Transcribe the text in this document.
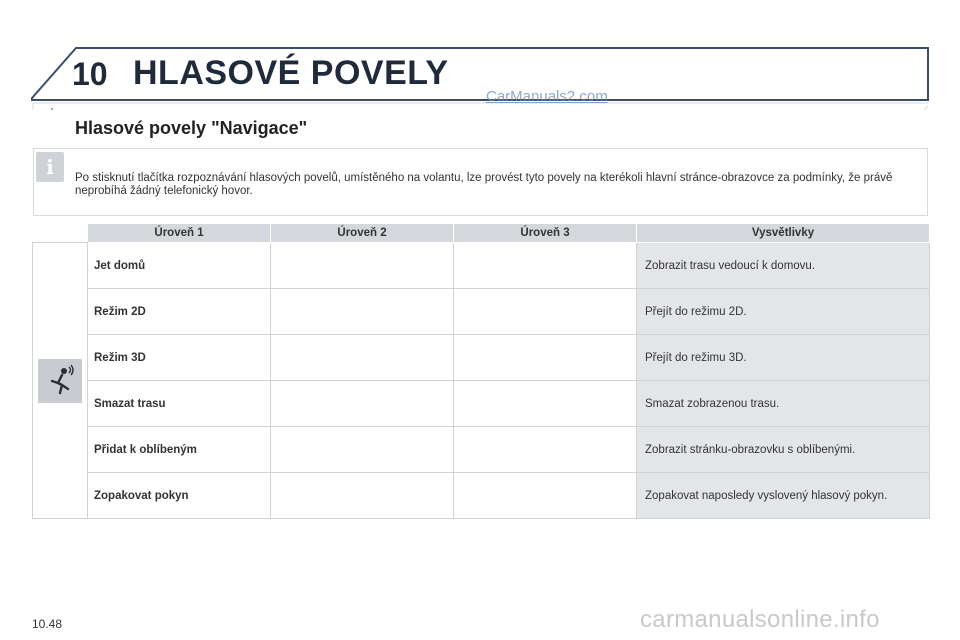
10 HLASOVÉ POVELY
CarManuals2.com
Hlasové povely "Navigace"
i	Po stisknutí tlačítka rozpoznávání hlasových povelů, umístěného na volantu, lze provést tyto povely na kterékoli hlavní stránce-obrazovce za podmínky, že právě neprobíhá žádný telefonický hovor.
	Úroveň 1	Úroveň 2	Úroveň 3	Vysvětlivky
	Jet domů			Zobrazit trasu vedoucí k domovu.
	Režim 2D			Přejít do režimu 2D.
	Režim 3D			Přejít do režimu 3D.
	Smazat trasu			Smazat zobrazenou trasu.
	Přidat k oblíbeným			Zobrazit stránku-obrazovku s oblíbenými.
	Zopakovat pokyn			Zopakovat naposledy vyslovený hlasový pokyn.
10.48	carmanualsonline.info
